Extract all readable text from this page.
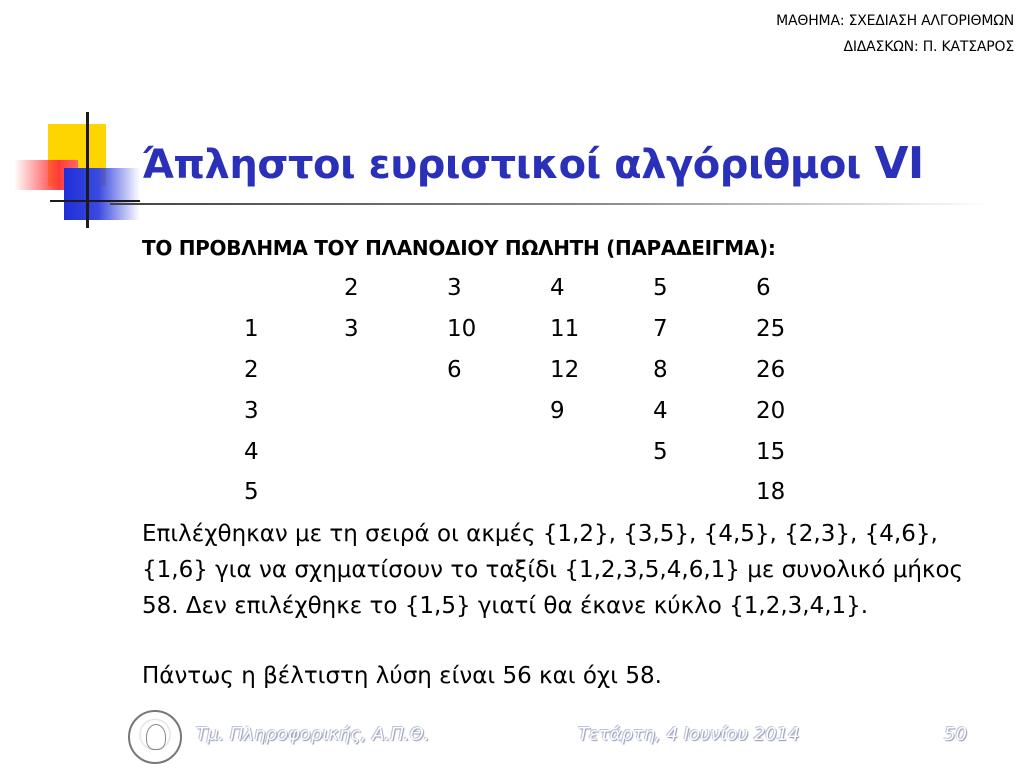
ΜΑΘΗΜΑ: ΣΧΕΔΙΑΣΗ ΑΛΓΟΡΙΘΜΩΝ
ΔΙΔΑΣΚΩΝ: Π. ΚΑΤΣΑΡΟΣ
Άπληστοι ευριστικοί αλγόριθμοι VI
ΤΟ ΠΡΟΒΛΗΜΑ ΤΟΥ ΠΛΑΝΟΔΙΟΥ ΠΩΛΗΤΗ (ΠΑΡΑΔΕΙΓΜΑ):
	2	3	4	5	6
1	3	10	11	7	25
2		6	12	8	26
3			9	4	20
4				5	15
5					18
Επιλέχθηκαν με τη σειρά οι ακμές {1,2}, {3,5}, {4,5}, {2,3}, {4,6}, {1,6} για να σχηματίσουν το ταξίδι {1,2,3,5,4,6,1} με συνολικό μήκος 58. Δεν επιλέχθηκε το {1,5} γιατί θα έκανε κύκλο {1,2,3,4,1}.
Πάντως η βέλτιστη λύση είναι 56 και όχι 58.
Τμ. Πληροφορικής, Α.Π.Θ.	Τετάρτη, 4 Ιουνίου 2014	50
